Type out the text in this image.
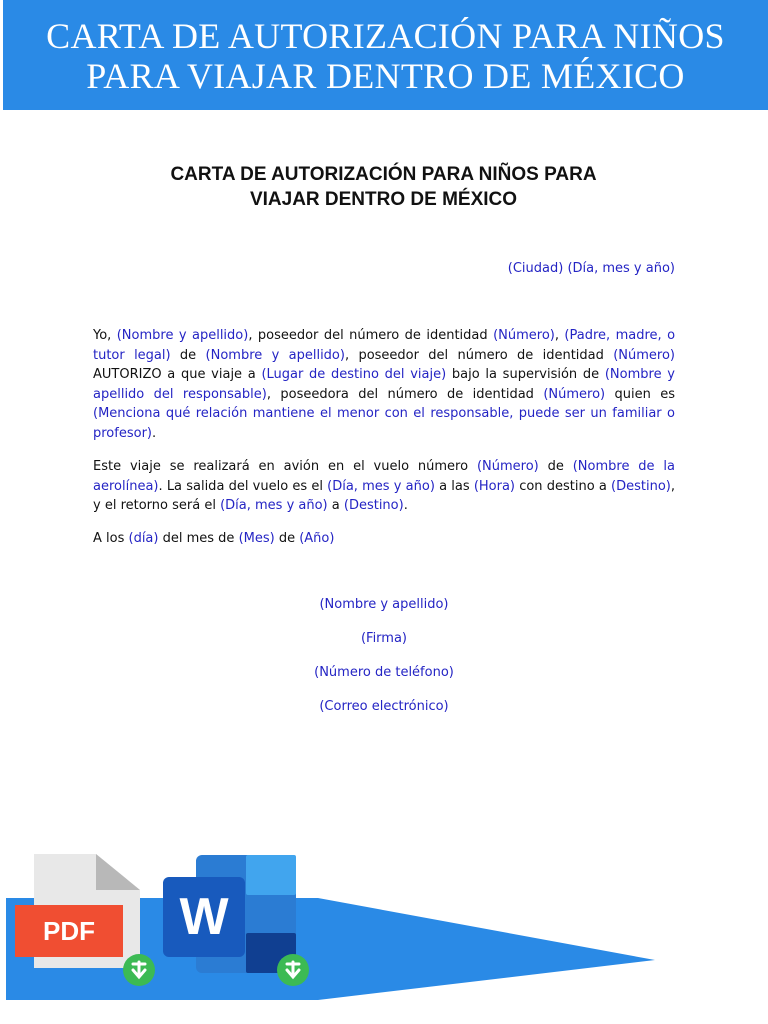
CARTA DE AUTORIZACIÓN PARA NIÑOS PARA VIAJAR DENTRO DE MÉXICO
CARTA DE AUTORIZACIÓN PARA NIÑOS PARA
VIAJAR DENTRO DE MÉXICO
(Ciudad) (Día, mes y año)
Yo, (Nombre y apellido), poseedor del número de identidad (Número), (Padre, madre, o tutor legal) de (Nombre y apellido), poseedor del número de identidad (Número) AUTORIZO a que viaje a (Lugar de destino del viaje) bajo la supervisión de (Nombre y apellido del responsable), poseedora del número de identidad (Número) quien es (Menciona qué relación mantiene el menor con el responsable, puede ser un familiar o profesor).
Este viaje se realizará en avión en el vuelo número (Número) de (Nombre de la aerolínea). La salida del vuelo es el (Día, mes y año) a las (Hora) con destino a (Destino), y el retorno será el (Día, mes y año) a (Destino).
A los (día) del mes de (Mes) de (Año)
(Nombre y apellido)
(Firma)
(Número de teléfono)
(Correo electrónico)
PDF W
